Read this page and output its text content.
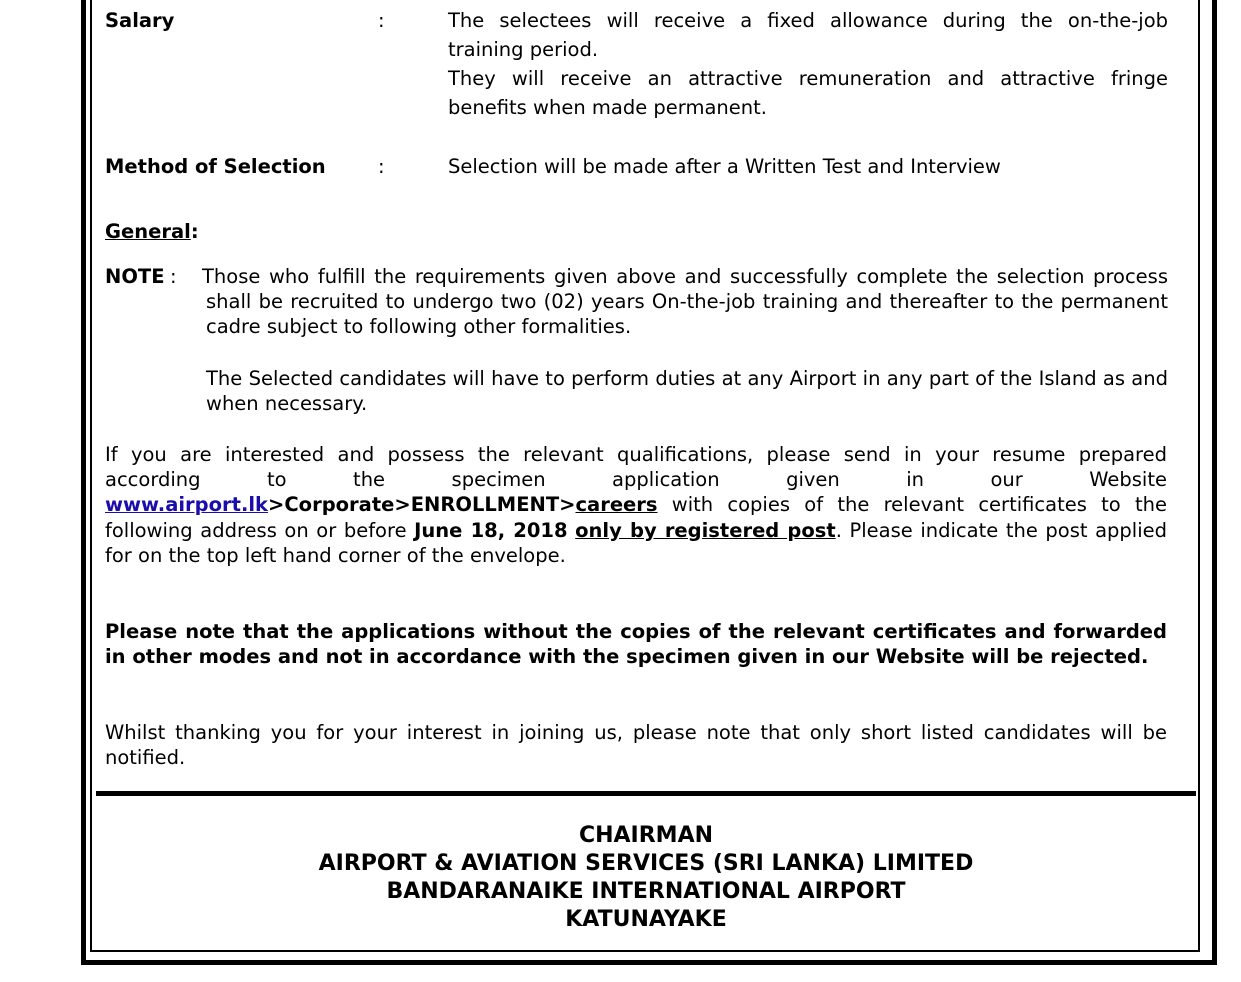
Salary	:	The selectees will receive a fixed allowance during the on-the-job training period.
They will receive an attractive remuneration and attractive fringe benefits when made permanent.
Method of Selection	:	Selection will be made after a Written Test and Interview
General:
NOTE : Those who fulfill the requirements given above and successfully complete the selection process shall be recruited to undergo two (02) years On-the-job training and thereafter to the permanent cadre subject to following other formalities.
The Selected candidates will have to perform duties at any Airport in any part of the Island as and when necessary.
If you are interested and possess the relevant qualifications, please send in your resume prepared according to the specimen application given in our Website www.airport.lk>Corporate>ENROLLMENT>careers with copies of the relevant certificates to the following address on or before June 18, 2018 only by registered post. Please indicate the post applied for on the top left hand corner of the envelope.
Please note that the applications without the copies of the relevant certificates and forwarded in other modes and not in accordance with the specimen given in our Website will be rejected.
Whilst thanking you for your interest in joining us, please note that only short listed candidates will be notified.
CHAIRMAN
AIRPORT & AVIATION SERVICES (SRI LANKA) LIMITED
BANDARANAIKE INTERNATIONAL AIRPORT
KATUNAYAKE
